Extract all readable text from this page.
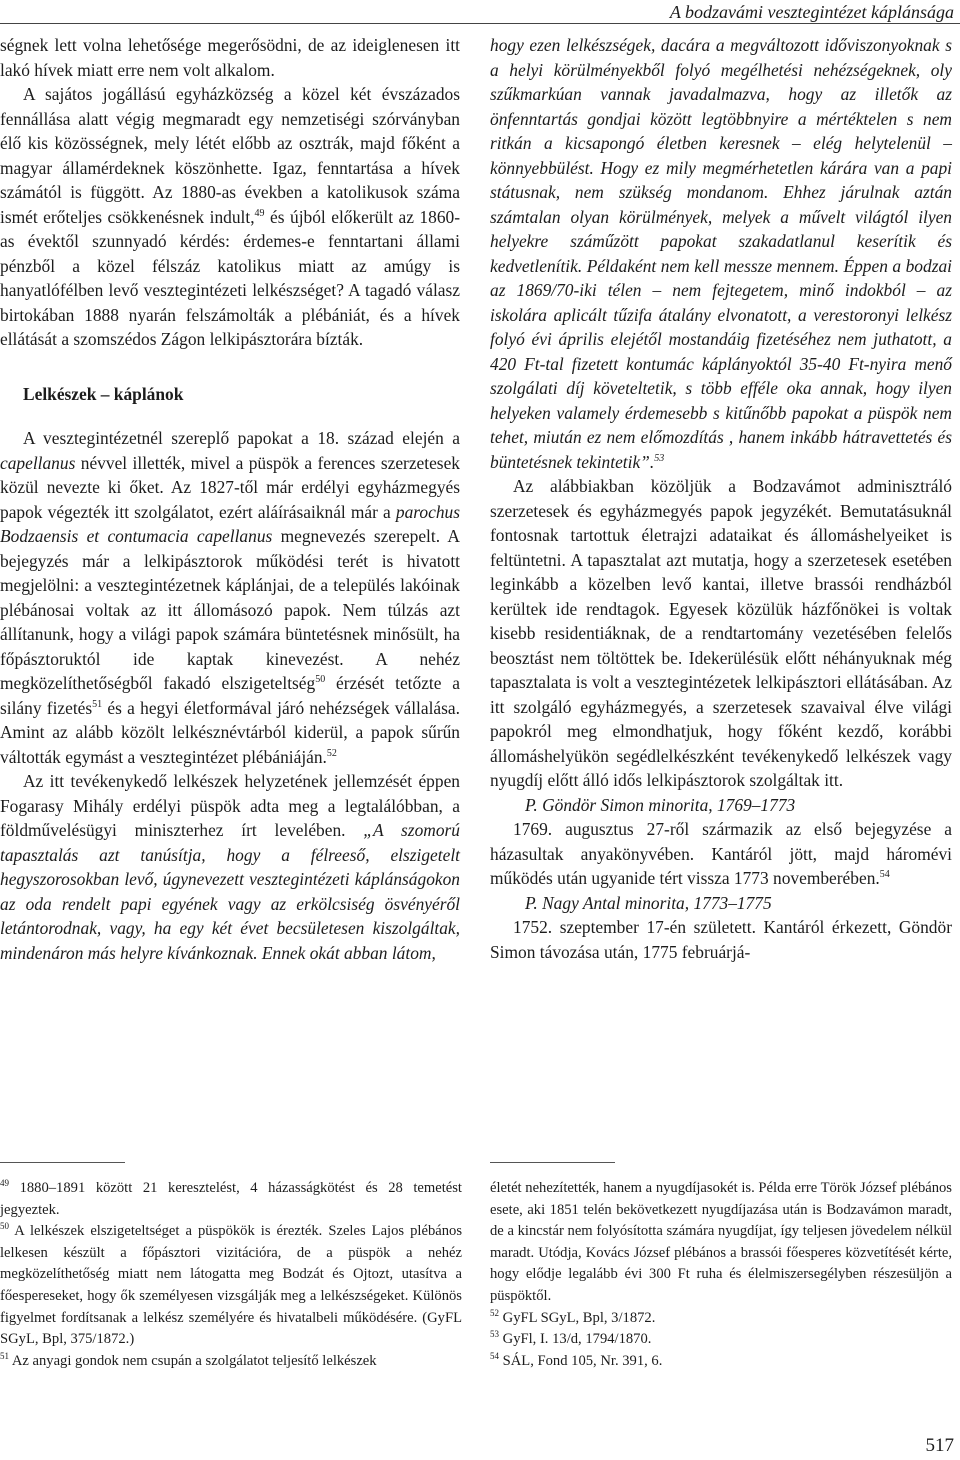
A bodzavámi vesztegintézet káplánsága

ségnek lett volna lehetősége megerősödni, de az ideiglenesen itt lakó hívek miatt erre nem volt alkalom.

A sajátos jogállású egyházközség a közel két évszázados fennállása alatt végig megmaradt egy nemzetiségi szórványban élő kis közösségnek, mely létét előbb az osztrák, majd főként a magyar államérdeknek köszönhette. Igaz, fenntartása a hívek számától is függött. Az 1880-as években a katolikusok száma ismét erőteljes csökkenésnek indult,$^{49}$ és újból előkerült az 1860-as évektől szunnyadó kérdés: érdemes-e fenntartani állami pénzből a közel félszáz katolikus miatt az amúgy is hanyatlófélben levő vesztegintézeti lelkészséget? A tagadó válasz birtokában 1888 nyarán felszámolták a plébániát, és a hívek ellátását a szomszédos Zágon lelkipásztorára bízták.

Lelkészek – káplánok

A vesztegintézetnél szereplő papokat a 18. század elején a capellanus névvel illették, mivel a püspök a ferences szerzetesek közül nevezte ki őket. Az 1827-től már erdélyi egyházmegyés papok végezték itt szolgálatot, ezért aláírásaiknál már a parochus Bodzaensis et contumacia capellanus megnevezés szerepelt. A bejegyzés már a lelkipásztorok működési terét is hivatott megjelölni: a vesztegintézetnek káplánjai, de a település lakóinak plébánosai voltak az itt állomásozó papok. Nem túlzás azt állítanunk, hogy a világi papok számára büntetésnek minősült, ha főpásztoruktól ide kaptak kinevezést. A nehéz megközelíthetőségből fakadó elszigeteltség$^{50}$ érzését tetőzte a silány fizetés$^{51}$ és a hegyi életformával járó nehézségek vállalása. Amint az alább közölt lelkésznévtárból kiderül, a papok sűrűn váltották egymást a vesztegintézet plébániáján.$^{52}$

Az itt tevékenykedő lelkészek helyzetének jellemzését éppen Fogarasy Mihály erdélyi püspök adta meg a legtalálóbban, a földművelésügyi miniszterhez írt levelében. „A szomorú tapasztalás azt tanúsítja, hogy a félreeső, elszigetelt hegyszorosokban levő, úgynevezett vesztegintézeti káplánságokon az oda rendelt papi egyének vagy az erkölcsiség ösvényéről letántorodnak, vagy, ha egy két évet becsületesen kiszolgáltak, mindenáron más helyre kívánkoznak. Ennek okát abban látom,

hogy ezen lelkészségek, dacára a megváltozott időviszonyoknak s a helyi körülményekből folyó megélhetési nehézségeknek, oly szűkmarkúan vannak javadalmazva, hogy az illetők az önfenntartás gondjai között legtöbbnyire a mértéktelen s nem ritkán a kicsapongó életben keresnek – elég helytelenül – könnyebbülést. Hogy ez mily megmérhetetlen kárára van a papi státusnak, nem szükség mondanom. Ehhez járulnak aztán számtalan olyan körülmények, melyek a művelt világtól ilyen helyekre száműzött papokat szakadatlanul keserítik és kedvetlenítik. Példaként nem kell messze mennem. Éppen a bodzai az 1869/70-iki télen – nem fejtegetem, minő indokból – az iskolára aplicált tűzifa átalány elvonatott, a verestoronyi lelkész folyó évi április elejétől mostandáig fizetéséhez nem juthatott, a 420 Ft-tal fizetett kontumác káplányoktól 35-40 Ft-nyira menő szolgálati díj követeltetik, s több efféle oka annak, hogy ilyen helyeken valamely érdemesebb s kitűnőbb papokat a püspök nem tehet, miután ez nem előmozdítás , hanem inkább hátravettetés és büntetésnek tekintetik”.$^{53}$

Az alábbiakban közöljük a Bodzavámot adminisztráló szerzetesek és egyházmegyés papok jegyzékét. Bemutatásuknál fontosnak tartottuk életrajzi adataikat és állomáshelyeiket is feltüntetni. A tapasztalat azt mutatja, hogy a szerzetesek esetében leginkább a közelben levő kantai, illetve brassói rendházból kerültek ide rendtagok. Egyesek közülük házfőnökei is voltak kisebb residentiáknak, de a rendtartomány vezetésében felelős beosztást nem töltöttek be. Idekerülésük előtt néhányuknak még tapasztalata is volt a vesztegintézetek lelkipásztori ellátásában. Az itt szolgáló egyházmegyés, a szerzetesek szavaival élve világi papokról meg elmondhatjuk, hogy főként kezdő, korábbi állomáshelyükön segédlelkészként tevékenykedő lelkészek vagy nyugdíj előtt álló idős lelkipásztorok szolgáltak itt.

P. Göndör Simon minorita, 1769–1773

1769. augusztus 27-ről származik az első bejegyzése a házasultak anyakönyvében. Kantáról jött, majd háromévi működés után ugyanide tért vissza 1773 novemberében.$^{54}$

P. Nagy Antal minorita, 1773–1775

1752. szeptember 17-én született. Kantáról érkezett, Göndör Simon távozása után, 1775 februárjá-

$^{49}$ 1880–1891 között 21 keresztelést, 4 házasságkötést és 28 temetést jegyeztek.

$^{50}$ A lelkészek elszigeteltséget a püspökök is érezték. Szeles Lajos plébános lelkesen készült a főpásztori vizitációra, de a püspök a nehéz megközelíthetőség miatt nem látogatta meg Bodzát és Ojtozt, utasítva a főespereseket, hogy ők személyesen vizsgálják meg a lelkészségeket. Különös figyelmet fordítsanak a lelkész személyére és hivatalbeli működésére. (GyFL SGyL, Bpl, 375/1872.)

$^{51}$ Az anyagi gondok nem csupán a szolgálatot teljesítő lelkészek

életét nehezítették, hanem a nyugdíjasokét is. Példa erre Török József plébános esete, aki 1851 telén bekövetkezett nyugdíjazása után is Bodzavámon maradt, de a kincstár nem folyósította számára nyugdíjat, így teljesen jövedelem nélkül maradt. Utódja, Kovács József plébános a brassói főesperes közvetítését kérte, hogy elődje legalább évi 300 Ft ruha és élelmiszersegélyben részesüljön a püspöktől.

$^{52}$ GyFL SGyL, Bpl, 3/1872.

$^{53}$ GyFl, I. 13/d, 1794/1870.

$^{54}$ SÁL, Fond 105, Nr. 391, 6.

517
